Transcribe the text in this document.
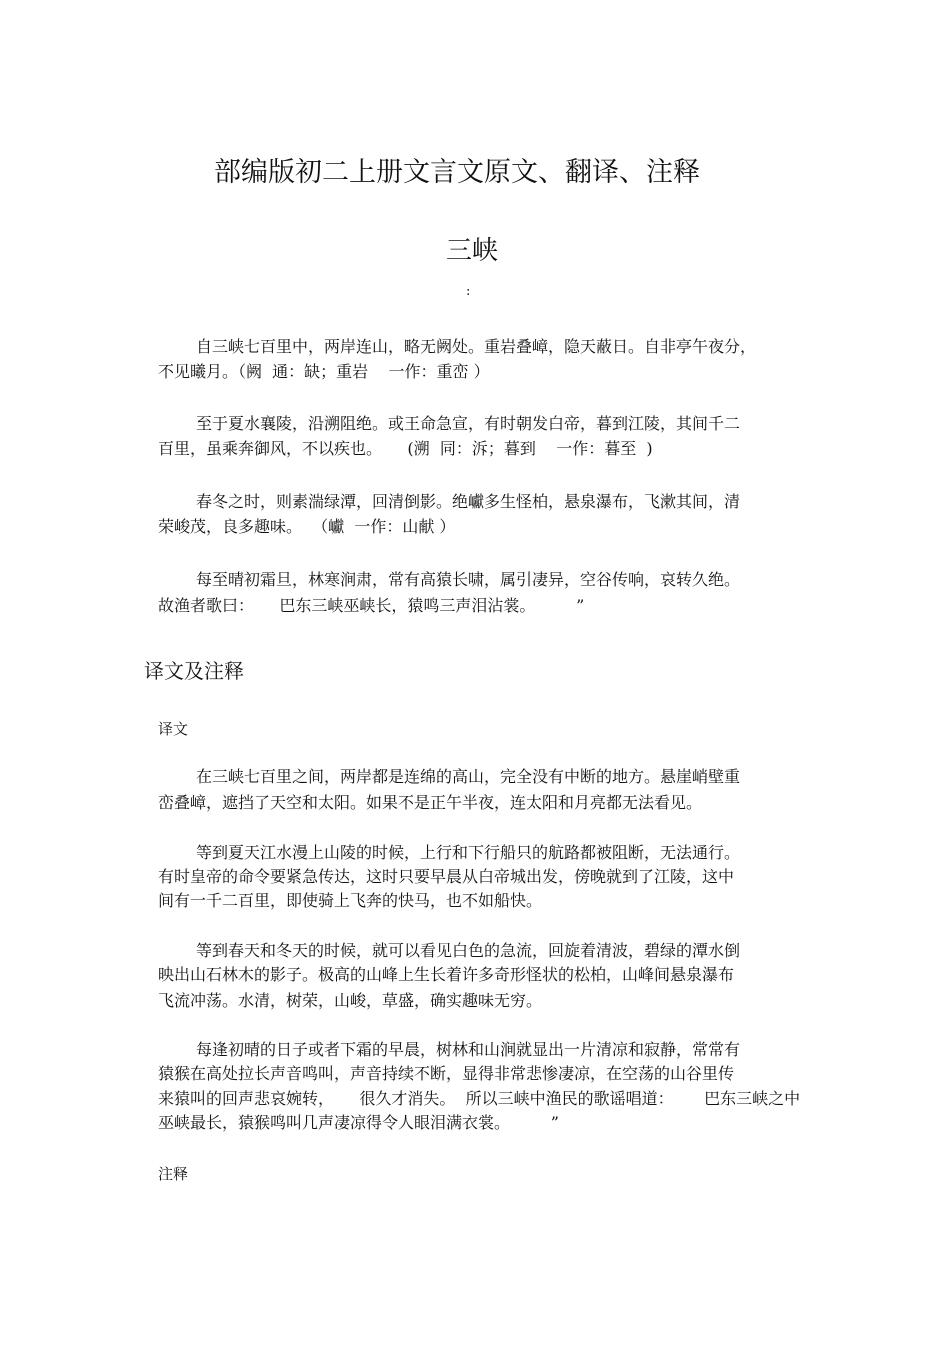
部编版初二上册文言文原文、翻译、注释
三峡
:
自三峡七百里中，两岸连山，略无阙处。重岩叠嶂，隐天蔽日。自非亭午夜分，
不见曦月。（阙  通：缺；重岩    一作：重峦 ）
至于夏水襄陵，沿溯阻绝。或王命急宣，有时朝发白帝，暮到江陵，其间千二
百里，虽乘奔御风，不以疾也。     (溯  同：泝；暮到    一作：暮至  )
春冬之时，则素湍绿潭，回清倒影。绝巘多生怪柏，悬泉瀑布，飞漱其间，清
荣峻茂，良多趣味。  （巘  一作：山献 ）
每至晴初霜旦，林寒涧肃，常有高猿长啸，属引凄异，空谷传响，哀转久绝。
故渔者歌曰：     巴东三峡巫峡长，猿鸣三声泪沾裳。        ”
译文及注释
译文
在三峡七百里之间，两岸都是连绵的高山，完全没有中断的地方。悬崖峭壁重
峦叠嶂，遮挡了天空和太阳。如果不是正午半夜，连太阳和月亮都无法看见。
等到夏天江水漫上山陵的时候，上行和下行船只的航路都被阻断，无法通行。
有时皇帝的命令要紧急传达，这时只要早晨从白帝城出发，傍晚就到了江陵，这中
间有一千二百里，即使骑上飞奔的快马，也不如船快。
等到春天和冬天的时候，就可以看见白色的急流，回旋着清波，碧绿的潭水倒
映出山石林木的影子。极高的山峰上生长着许多奇形怪状的松柏，山峰间悬泉瀑布
飞流冲荡。水清，树荣，山峻，草盛，确实趣味无穷。
每逢初晴的日子或者下霜的早晨，树林和山涧就显出一片清凉和寂静，常常有
猿猴在高处拉长声音鸣叫，声音持续不断，显得非常悲惨凄凉，在空荡的山谷里传
来猿叫的回声悲哀婉转，     很久才消失。  所以三峡中渔民的歌谣唱道：      巴东三峡之中
巫峡最长，猿猴鸣叫几声凄凉得令人眼泪满衣裳。        ”
注释
